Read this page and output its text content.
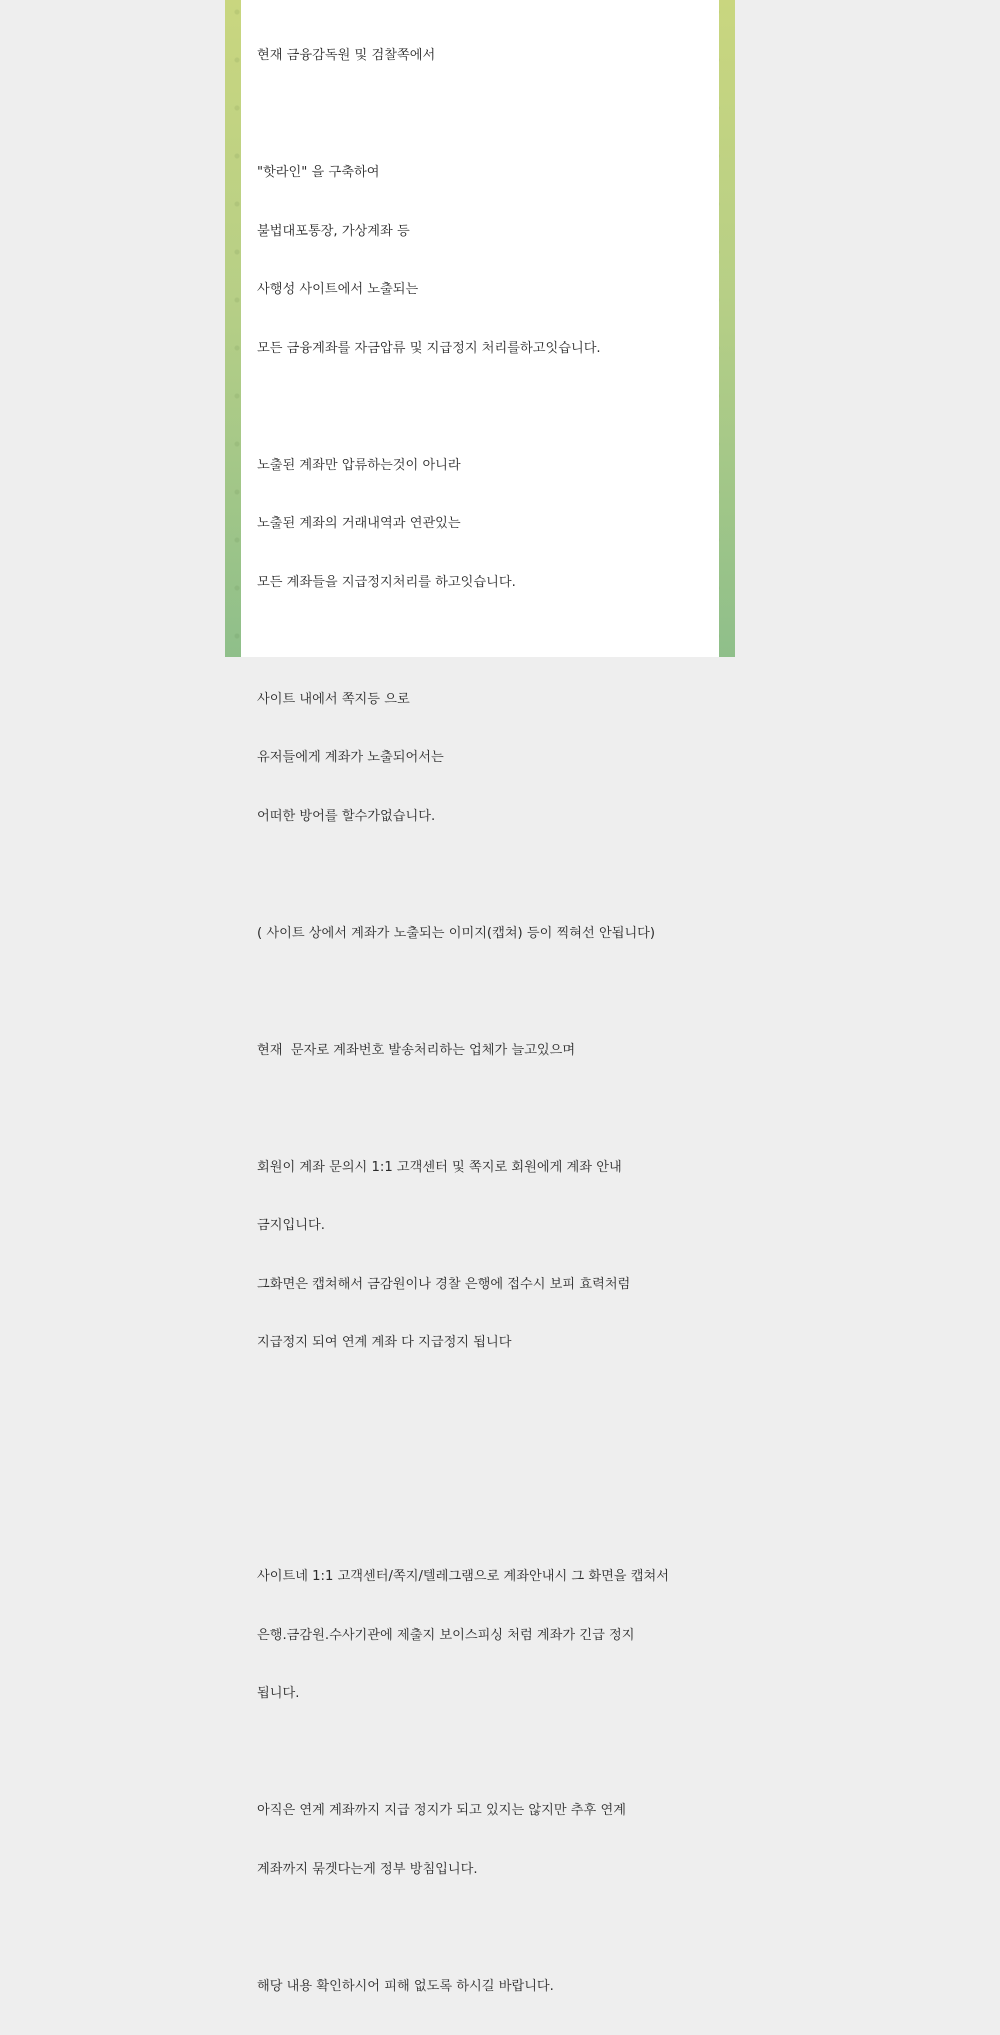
현재 금융감독원 및 검찰쪽에서

"핫라인" 을 구축하여

불법대포통장, 가상계좌 등

사행성 사이트에서 노출되는

모든 금융계좌를 자금압류 및 지급정지 처리를하고잇습니다.

노출된 계좌만 압류하는것이 아니라

노출된 계좌의 거래내역과 연관있는

모든 계좌들을 지급정지처리를 하고잇습니다.

사이트 내에서 쪽지등 으로

유저들에게 계좌가 노출되어서는

어떠한 방어를 할수가없습니다.

( 사이트 상에서 계좌가 노출되는 이미지(캡쳐) 등이 찍혀선 안됩니다)

현재  문자로 계좌번호 발송처리하는 업체가 늘고있으며

회원이 계좌 문의시 1:1 고객센터 및 쪽지로 회원에게 계좌 안내

금지입니다.

그화면은 캡쳐해서 금감원이나 경찰 은행에 접수시 보피 효력처럼

지급정지 되여 연계 계좌 다 지급정지 됩니다

사이트네 1:1 고객센터/쪽지/텔레그램으로 계좌안내시 그 화면을 캡쳐서

은행.금감원.수사기관에 제출지 보이스피싱 처럼 계좌가 긴급 정지

됩니다.

아직은 연계 계좌까지 지급 정지가 되고 있지는 않지만 추후 연계

계좌까지 묶겟다는게 정부 방침입니다.

해당 내용 확인하시어 피해 없도록 하시길 바랍니다.
